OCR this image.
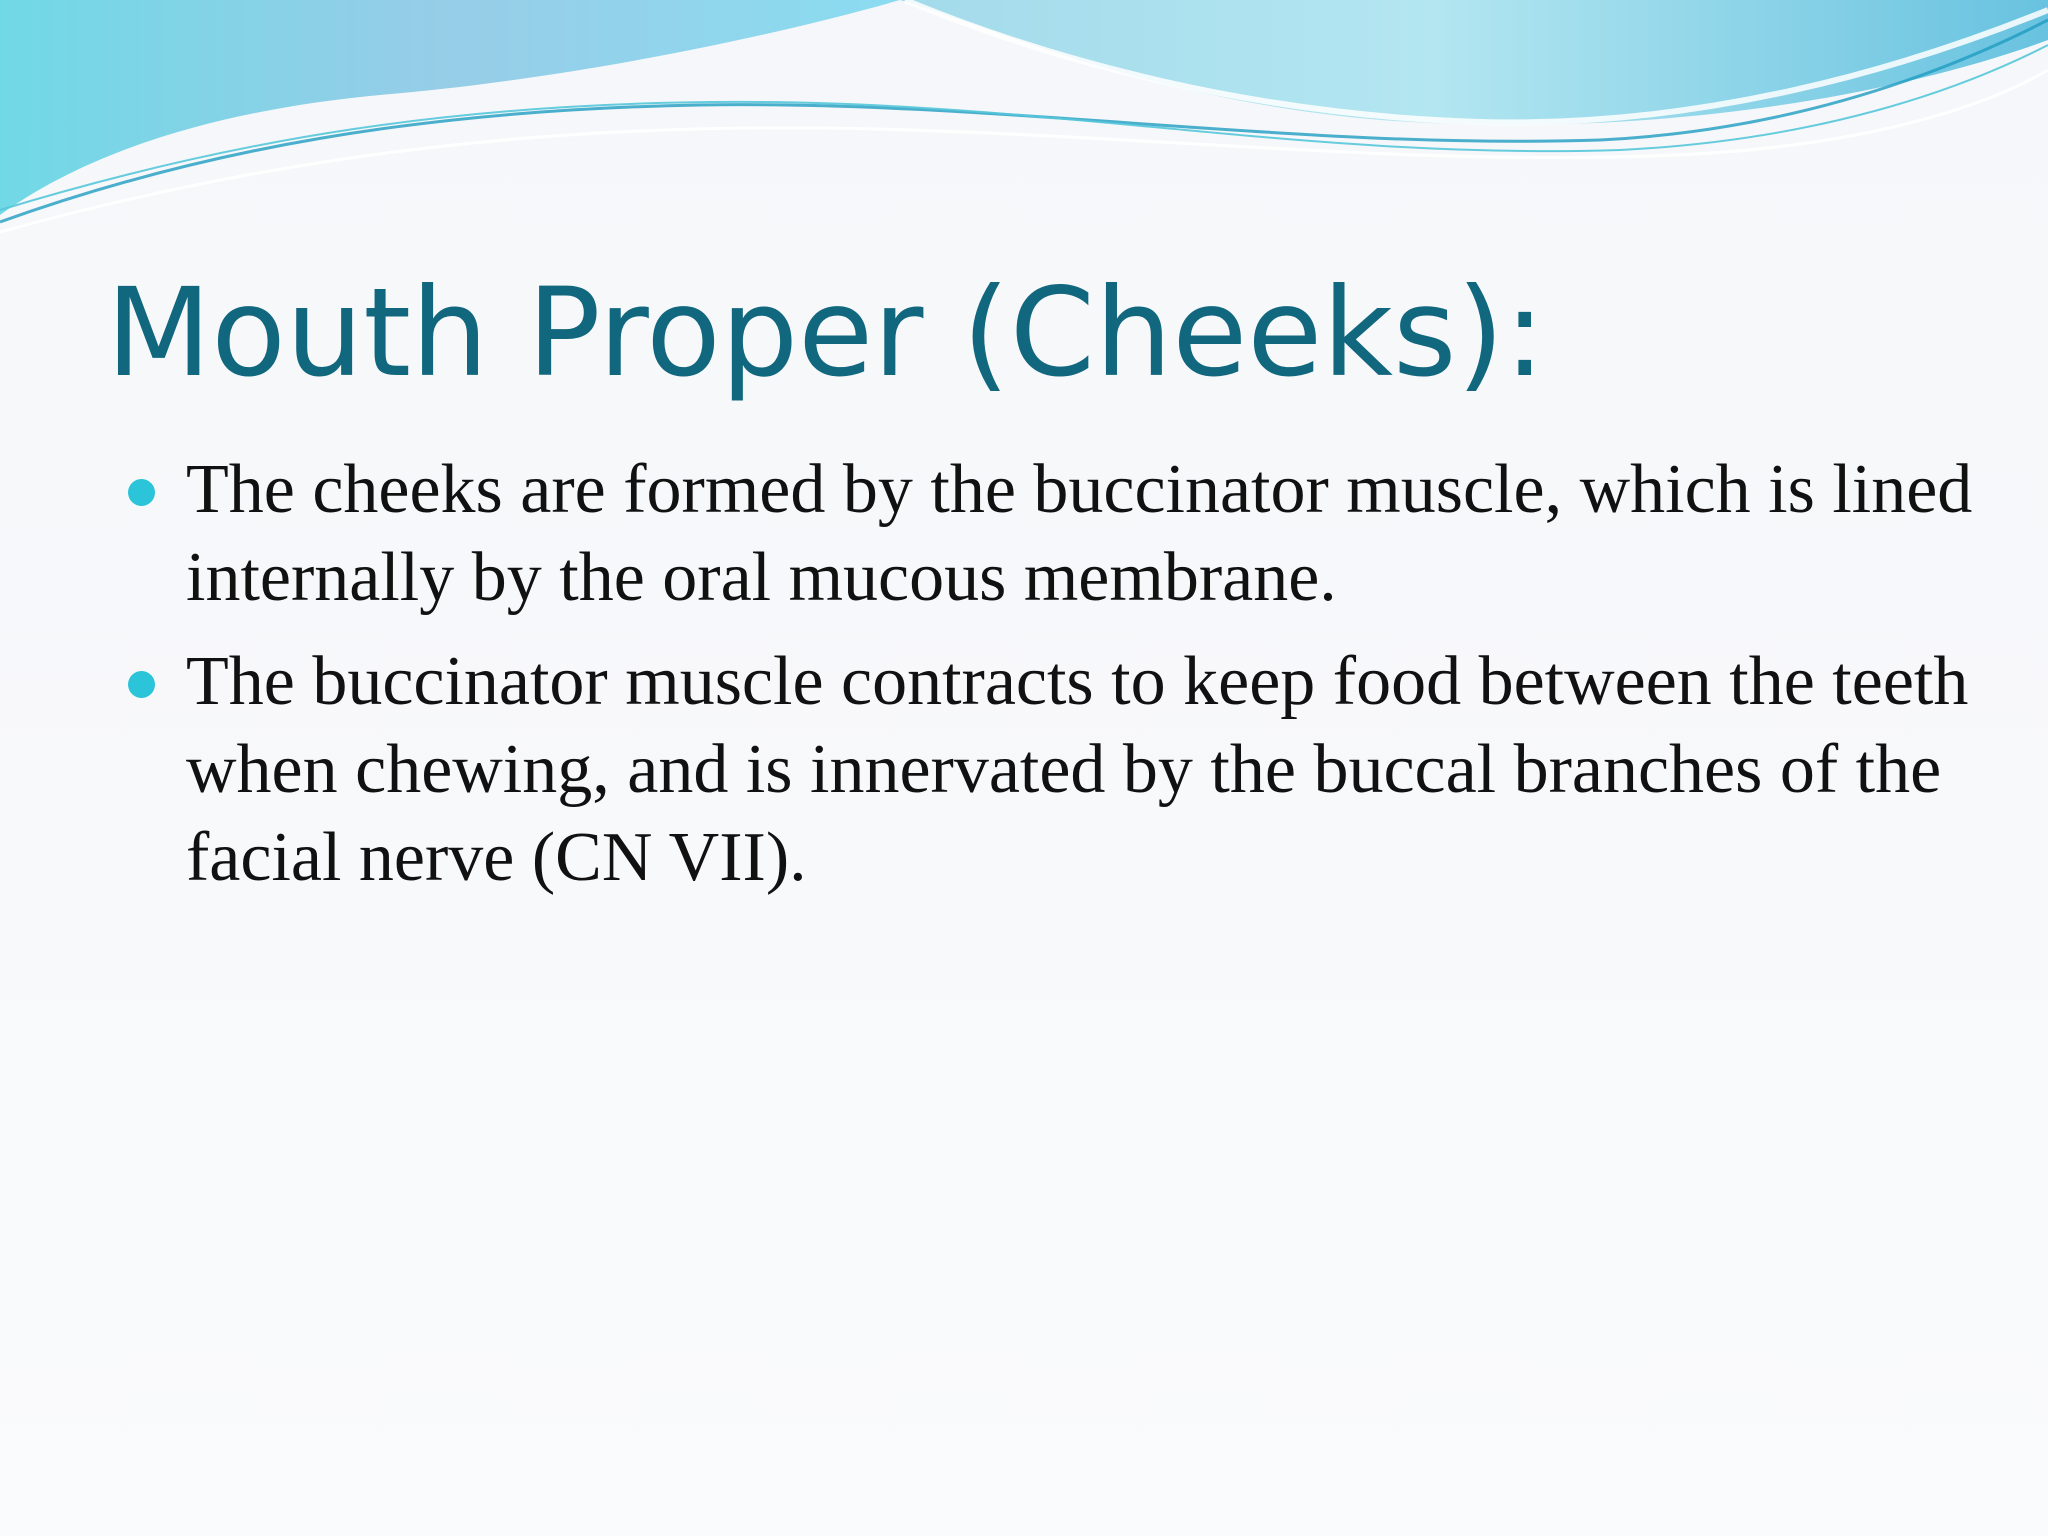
Mouth Proper (Cheeks):
The cheeks are formed by the buccinator muscle, which is lined internally by the oral mucous membrane.
The buccinator muscle contracts to keep food between the teeth when chewing, and is innervated by the buccal branches of the facial nerve (CN VII).
